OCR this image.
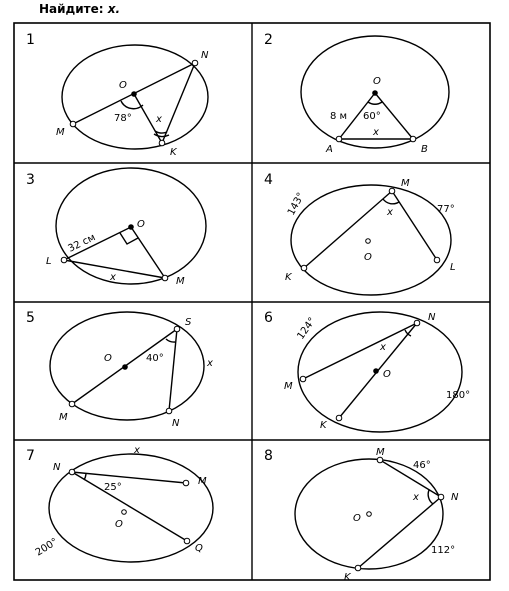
Найдите: x.
1
O
N
M
K
x
78°
2
O
A	B
x
8 м 60°
3
O
L
M
x
32 см
4	M
K
L
O
x
143°	77°
5	S
O
M
N
x
40°
6	N
M
O
K
x
124°
180°
7
N
M
O
Q
x
25°
200°
8	M
N
O
K
x
46°
112°
